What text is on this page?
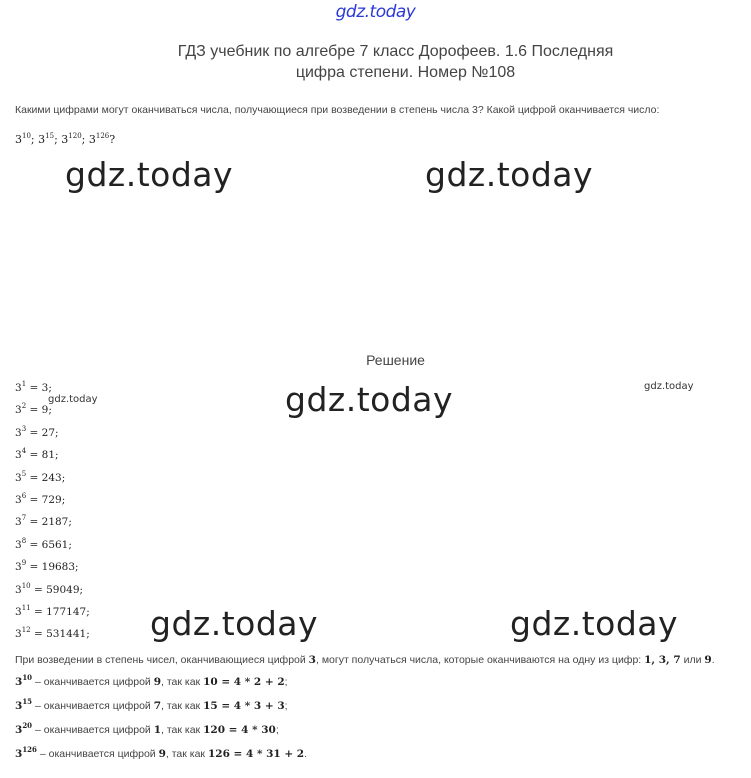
gdz.today
ГДЗ учебник по алгебре 7 класс Дорофеев. 1.6 Последняя
цифра степени. Номер №108
Какими цифрами могут оканчиваться числа, получающиеся при возведении в степень числа 3? Какой цифрой оканчивается число:
$3^{10}$; $3^{15}$; $3^{120}$; $3^{126}$?
gdz.today	gdz.today
Решение
gdz.today
gdz.today
gdz.today
$3^1 = 3$;
$3^2 = 9$;
$3^3 = 27$;
$3^4 = 81$;
$3^5 = 243$;
$3^6 = 729$;
$3^7 = 2187$;
$3^8 = 6561$;
$3^9 = 19683$;
$3^{10} = 59049$;
$3^{11} = 177147$;
$3^{12} = 531441$; gdz.today	gdz.today
При возведении в степень чисел, оканчивающиеся цифрой 3, могут получаться числа, которые оканчиваются на одну из цифр: 1, 3, 7 или 9.
$3^{10}$ – оканчивается цифрой 9, так как 10 = 4 * 2 + 2;
$3^{15}$ – оканчивается цифрой 7, так как 15 = 4 * 3 + 3;
$3^{20}$ – оканчивается цифрой 1, так как 120 = 4 * 30;
$3^{126}$ – оканчивается цифрой 9, так как 126 = 4 * 31 + 2.
